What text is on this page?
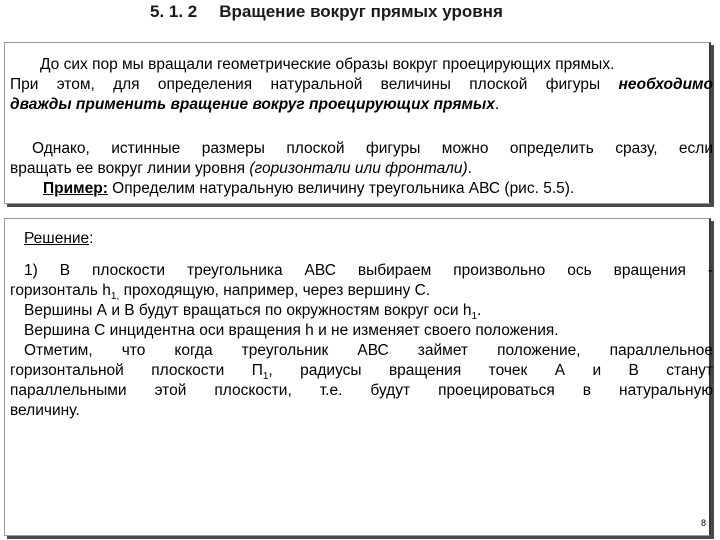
5. 1. 2 Вращение вокруг прямых уровня

До сих пор мы вращали геометрические образы вокруг проецирующих прямых.

При этом, для определения натуральной величины плоской фигуры необходимо

дважды применить вращение вокруг проецирующих прямых.

Однако, истинные размеры плоской фигуры можно определить сразу, если

вращать ее вокруг линии уровня (горизонтали или фронтали).

Пример: Определим натуральную величину треугольника АВС (рис. 5.5).

Решение:

1) В плоскости треугольника АВС выбираем произвольно ось вращения -

горизонталь $h_{1,}$ проходящую, например, через вершину С.

Вершины А и В будут вращаться по окружностям вокруг оси $h_1$.

Вершина С инцидентна оси вращения h и не изменяет своего положения.

Отметим, что когда треугольник АВС займет положение, параллельное

горизонтальной плоскости $П_1$, радиусы вращения точек А и В станут

параллельными этой плоскости, т.е. будут проецироваться в натуральную

величину.

8
